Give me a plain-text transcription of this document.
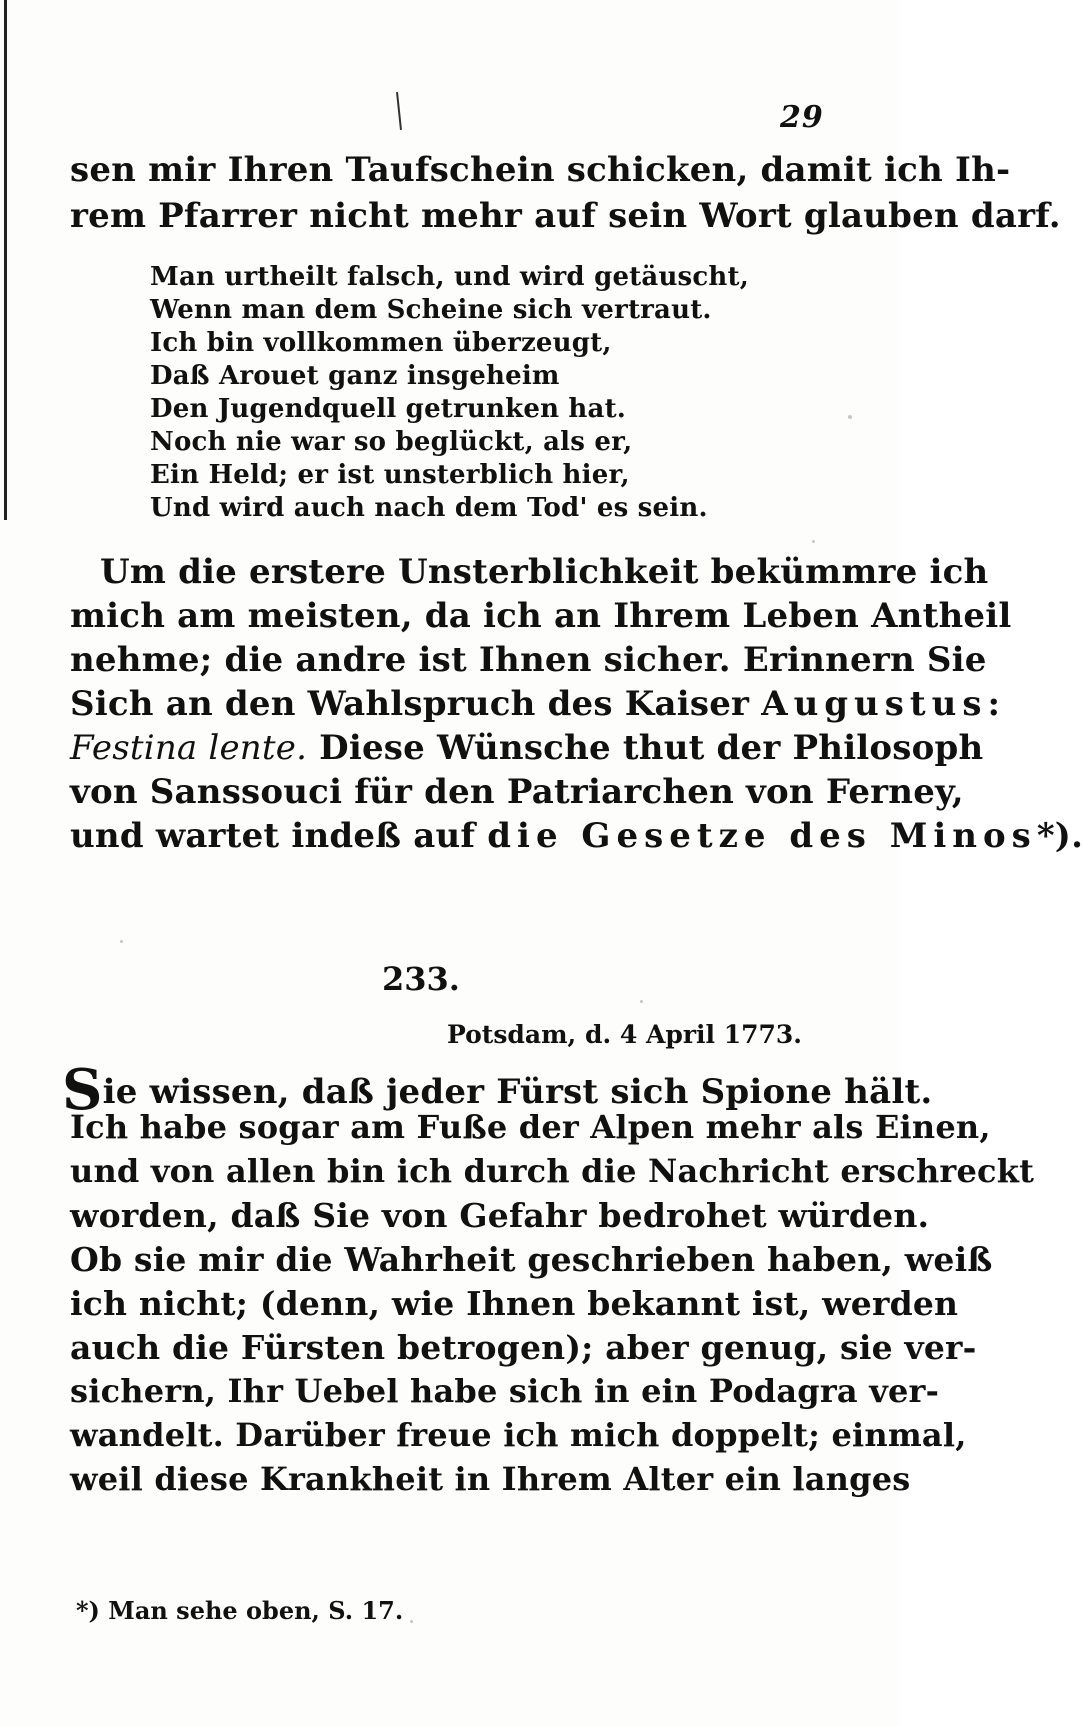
29
sen mir Ihren Taufschein schicken, damit ich Ih-
rem Pfarrer nicht mehr auf sein Wort glauben darf.
Man urtheilt falsch, und wird getäuscht,
Wenn man dem Scheine sich vertraut.
Ich bin vollkommen überzeugt,
Daß Arouet ganz insgeheim
Den Jugendquell getrunken hat.
Noch nie war so beglückt, als er,
Ein Held; er ist unsterblich hier,
Und wird auch nach dem Tod' es sein.
Um die erstere Unsterblichkeit bekümmre ich
mich am meisten, da ich an Ihrem Leben Antheil
nehme; die andre ist Ihnen sicher. Erinnern Sie
Sich an den Wahlspruch des Kaiser Augustus:
Festina lente. Diese Wünsche thut der Philosoph
von Sanssouci für den Patriarchen von Ferney,
und wartet indeß auf die Gesetze des Minos*).
233.
Potsdam, d. 4 April 1773.
Sie wissen, daß jeder Fürst sich Spione hält.
Ich habe sogar am Fuße der Alpen mehr als Einen,
und von allen bin ich durch die Nachricht erschreckt
worden, daß Sie von Gefahr bedrohet würden.
Ob sie mir die Wahrheit geschrieben haben, weiß
ich nicht; (denn, wie Ihnen bekannt ist, werden
auch die Fürsten betrogen); aber genug, sie ver-
sichern, Ihr Uebel habe sich in ein Podagra ver-
wandelt. Darüber freue ich mich doppelt; einmal,
weil diese Krankheit in Ihrem Alter ein langes
*) Man sehe oben, S. 17.
